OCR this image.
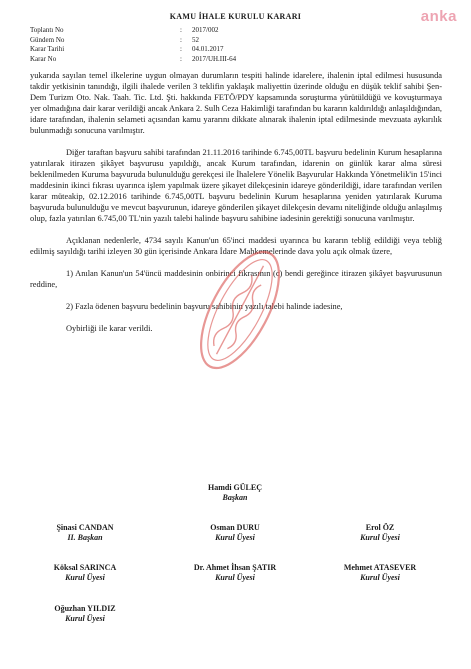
anka
KAMU İHALE KURULU KARARI
Toplantı No	:	2017/002
Gündem No	:	52
Karar Tarihi	:	04.01.2017
Karar No	:	2017/UH.III-64

yukarıda sayılan temel ilkelerine uygun olmayan durumların tespiti halinde idarelere, ihalenin iptal edilmesi hususunda takdir yetkisinin tanındığı, ilgili ihalede verilen 3 teklifin yaklaşık maliyettin üzerinde olduğu en düşük teklif sahibi Şen-Dem Turizm Oto. Nak. Taah. Tic. Ltd. Şti. hakkında FETÖ/PDY kapsamında soruşturma yürütüldüğü ve kovuşturmaya yer olmadığına dair karar verildiği ancak Ankara 2. Sulh Ceza Hakimliği tarafından bu kararın kaldırıldığı anlaşıldığından, idare tarafından, ihalenin selameti açısından kamu yararını dikkate alınarak ihalenin iptal edilmesinde mevzuata aykırılık bulunmadığı sonucuna varılmıştır.

Diğer taraftan başvuru sahibi tarafından 21.11.2016 tarihinde 6.745,00TL başvuru bedelinin Kurum hesaplarına yatırılarak itirazen şikâyet başvurusu yapıldığı, ancak Kurum tarafından, idarenin on günlük karar alma süresi beklenilmeden Kuruma başvuruda bulunulduğu gerekçesi ile İhalelere Yönelik Başvurular Hakkında Yönetmelik'in 15'inci maddesinin ikinci fıkrası uyarınca işlem yapılmak üzere şikayet dilekçesinin idareye gönderildiği, idare tarafından verilen karar müteakip, 02.12.2016 tarihinde 6.745,00TL başvuru bedelinin Kurum hesaplarına yeniden yatırılarak Kuruma başvuruda bulunulduğu ve mevcut başvurunun, idareye gönderilen şikayet dilekçesin devamı niteliğinde olduğu anlaşılmış olup, fazla yatırılan 6.745,00 TL'nin yazılı talebi halinde başvuru sahibine iadesinin gerektiği sonucuna varılmıştır.

Açıklanan nedenlerle, 4734 sayılı Kanun'un 65'inci maddesi uyarınca bu kararın tebliğ edildiği veya tebliğ edilmiş sayıldığı tarihi izleyen 30 gün içerisinde Ankara İdare Mahkemelerinde dava yolu açık olmak üzere,

1) Anılan Kanun'un 54'üncü maddesinin onbirinci fıkrasının (c) bendi gereğince itirazen şikâyet başvurusunun reddine,

2) Fazla ödenen başvuru bedelinin başvuru sahibinin yazılı talebi halinde iadesine,

Oybirliği ile karar verildi.

Hamdi GÜLEÇ
Başkan
Şinasi CANDAN
II. Başkan
Osman DURU
Kurul Üyesi
Erol ÖZ
Kurul Üyesi
Köksal SARINCA
Kurul Üyesi
Dr. Ahmet İhsan ŞATIR
Kurul Üyesi
Mehmet ATASEVER
Kurul Üyesi
Oğuzhan YILDIZ
Kurul Üyesi
